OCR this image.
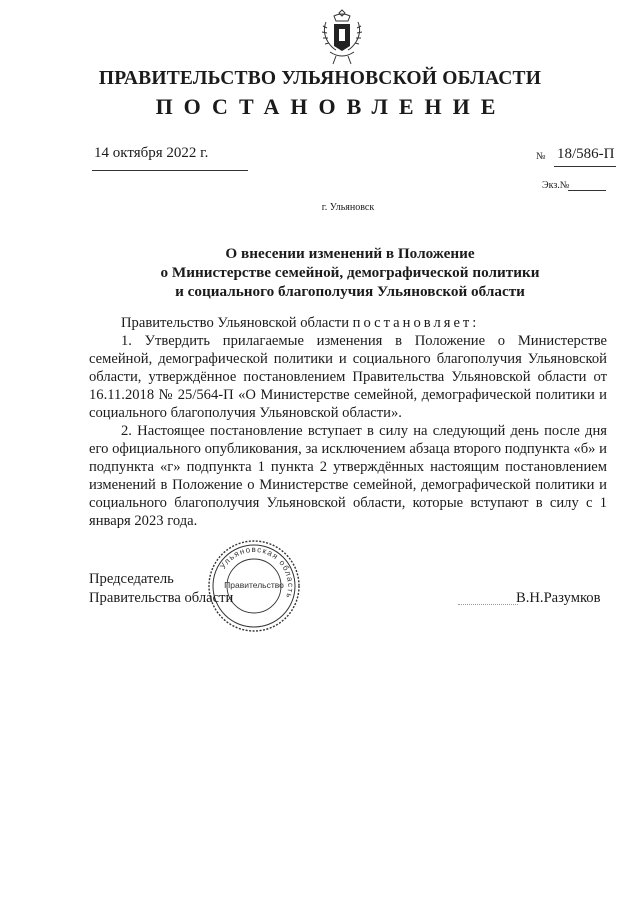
ПРАВИТЕЛЬСТВО УЛЬЯНОВСКОЙ ОБЛАСТИ
ПОСТАНОВЛЕНИЕ
14 октября 2022 г.	№ 18/586-П
Экз.№
г. Ульяновск
О внесении изменений в Положение
о Министерстве семейной, демографической политики
и социального благополучия Ульяновской области

Правительство Ульяновской области постановляет:

1. Утвердить прилагаемые изменения в Положение о Министерстве семейной, демографической политики и социального благополучия Ульяновской области, утверждённое постановлением Правительства Ульяновской области от 16.11.2018 № 25/564-П «О Министерстве семейной, демографической политики и социального благополучия Ульяновской области».

2. Настоящее постановление вступает в силу на следующий день после дня его официального опубликования, за исключением абзаца второго подпункта «б» и подпункта «г» подпункта 1 пункта 2 утверждённых настоящим постановлением изменений в Положение о Министерстве семейной, демографической политики и социального благополучия Ульяновской области, которые вступают в силу с 1 января 2023 года.

Ульяновская область
Правительство
Председатель
Правительства области	В.Н.Разумков
